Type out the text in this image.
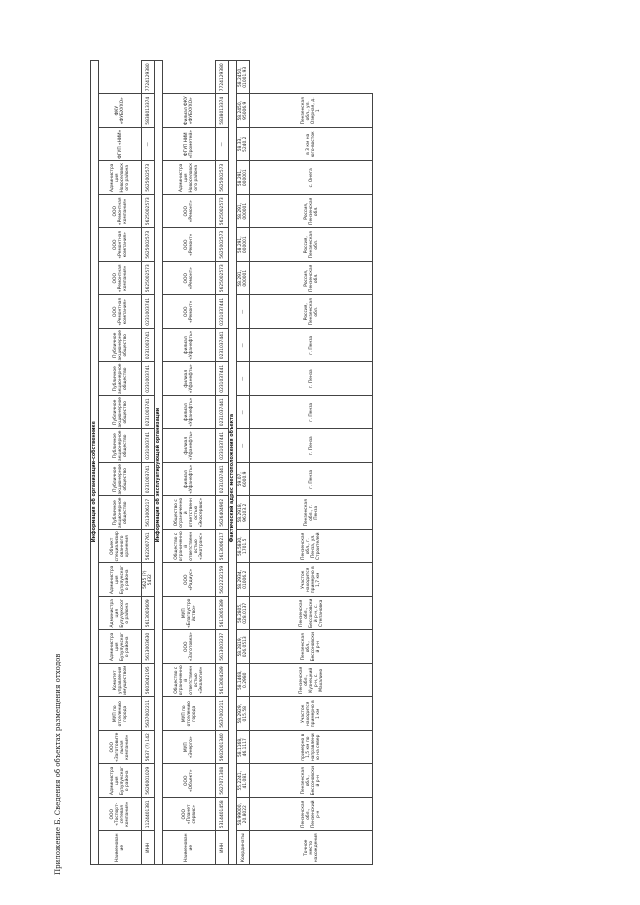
Приложение Б. Сведения об объектах размещения отходов
Информация об организации-собственнике																							
Наименование	ООО «Тоспорт-сетевая компания»	Администрация Бузулукского района	ООО «Заготовительная компания»	МУП по отселению города	Комитет управления имуществом	Администрация Бузулукского района	Администрация Бузулукского района	Администрация Бузулукского района	Объект специализированного хранения	Публичное акционерное общество	Публичное акционерное общество	Публичное акционерное общество	Публичное акционерное общество	Публичное акционерное общество	Публичное акционерное общество	ООО «Ремонтная компания»	ООО «Ремонтная компания»	ООО «Ремонтная компания»	ООО «Ремонтная компания»	Администрация Новоселовского района	ФГУП «НИИ»	ФКУ «ФУБХУХО»	
ИНН	1124401381	5626001029	5637 (?) 142	5637002211	5603042195	5613003630	5613003609	5625 (?) 5432	5622007761	5613006217	0231003741	0231003741	0231003741	0231003741	0231003741	0231003741	5625002573	5625002573	5625002573	5625002573	—	5838013374	7724129380
Информация об эксплуатирующей организации																							
Наименование	ООО «Планет сервис»	ООО «Объект»	МУП «Энерго»	МУП по отселению города	Общество с ограниченной ответственностью «Экология»	ООО «Заготовка»	МУП «Благоустройство»	ООО «Радиус»	Общество с ограниченной ответственностью «Экотранс»	Общество с ограниченной ответственностью «Экосервис»	филиал «Уфанефть»	филиал «Уфанефть»	филиал «Уфанефть»	филиал «Уфанефть»	филиал «Уфанефть»	ООО «Ремонт»	ООО «Ремонт»	ООО «Ремонт»	ООО «Ремонт»	Администрация Новоселовского района	ФГУП НИИ «Прометей»	Филиал ФКУ «ФУБХУХО»	
ИНН	5314401458	5627071308	5602001340	5637002211	5613004289	5613003237	5613005389	5622232159	5613006217	5626404902	0231037441	0231037441	0231037441	0231037441	0231037441	0231037441	5625002573	5625002573	5625002573	5625002573	—	5838013374	7724129380
Фактический адрес местоположения объекта																							
Координаты	58.99000, 20.8022	55.2241, 41.081	58.1168, 46.1117	58.2929, 015.58	58.1468, 0.2980	58.2819, 026.0513	58.2805, 028.0137	58.2934, 01006.2	58.5830, 1701.5	58.2918, 96103.2	59.07, 6000.9	—	—	—	—	—	58.291, 000001	58.291, 000001	58.291, 000001	58.291, 000001	58.33, 5240.2	58.2450, 95006.9	58.2450, 01001.93
Точное место нахождения	Пензенская обл., Пензенский р-н	Пензенская обл., Бессоновский р-н	примерно в 1,5 км по направлению на север	Участок находится примерно в 1 км	Пензенская обл., Кузнецкий р-н, с. Махалино	Пензенская обл., Бессоновский р-н	Пензенская обл., Бессоновский р-н, с. Степановка	Участок находится примерно в 1,7 км	Пензенская обл., г. Пенза, ул. Строителей	Пензенская обл., г. Пенза	г. Пенза	г. Пенза	г. Пенза	г. Пенза	г. Пенза	Россия, Пензенская обл.	Россия, Пензенская обл.	Россия, Пензенская обл.	Россия, Пензенская обл.	с. Онега	в 3 км на юго-восток	Пензенская обл., ул. Озерная, д. 1	
